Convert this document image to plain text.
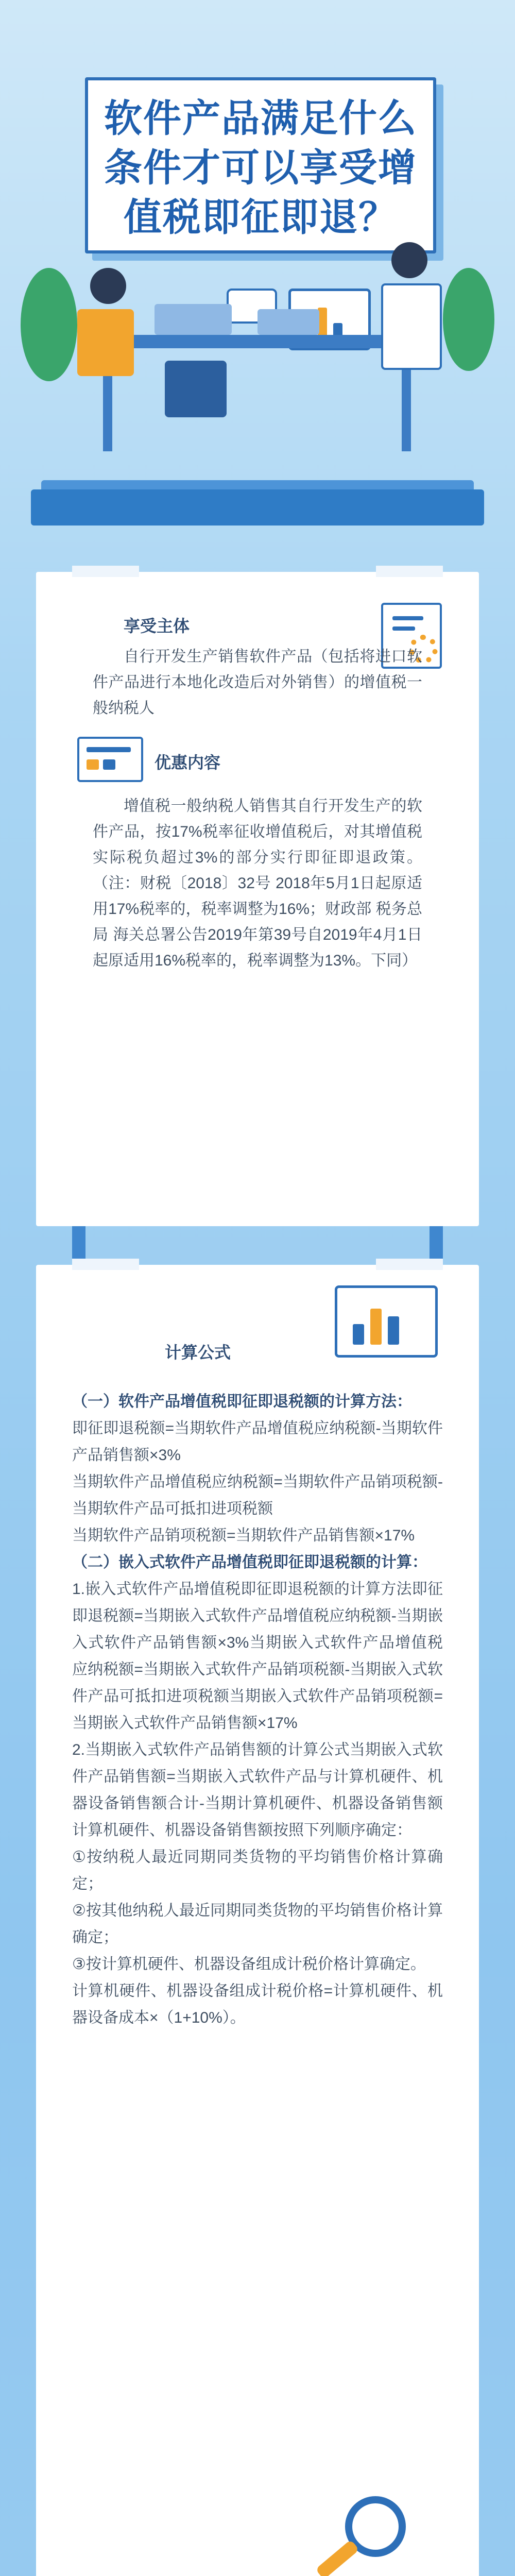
软件产品满足什么
条件才可以享受增
值税即征即退？
享受主体
自行开发生产销售软件产品（包括将进口软件产品进行本地化改造后对外销售）的增值税一般纳税人
优惠内容
增值税一般纳税人销售其自行开发生产的软件产品，按17%税率征收增值税后，对其增值税实际税负超过3%的部分实行即征即退政策。（注：财税〔2018〕32号 2018年5月1日起原适用17%税率的，税率调整为16%；财政部 税务总局 海关总署公告2019年第39号自2019年4月1日起原适用16%税率的，税率调整为13%。下同）
计算公式

（一）软件产品增值税即征即退税额的计算方法：

即征即退税额=当期软件产品增值税应纳税额-当期软件产品销售额×3%

当期软件产品增值税应纳税额=当期软件产品销项税额-当期软件产品可抵扣进项税额

当期软件产品销项税额=当期软件产品销售额×17%

（二）嵌入式软件产品增值税即征即退税额的计算：

1.嵌入式软件产品增值税即征即退税额的计算方法即征即退税额=当期嵌入式软件产品增值税应纳税额-当期嵌入式软件产品销售额×3%当期嵌入式软件产品增值税应纳税额=当期嵌入式软件产品销项税额-当期嵌入式软件产品可抵扣进项税额当期嵌入式软件产品销项税额=当期嵌入式软件产品销售额×17%

2.当期嵌入式软件产品销售额的计算公式当期嵌入式软件产品销售额=当期嵌入式软件产品与计算机硬件、机器设备销售额合计-当期计算机硬件、机器设备销售额计算机硬件、机器设备销售额按照下列顺序确定：

①按纳税人最近同期同类货物的平均销售价格计算确定；

②按其他纳税人最近同期同类货物的平均销售价格计算确定；

③按计算机硬件、机器设备组成计税价格计算确定。

计算机硬件、机器设备组成计税价格=计算机硬件、机器设备成本×（1+10%）。
